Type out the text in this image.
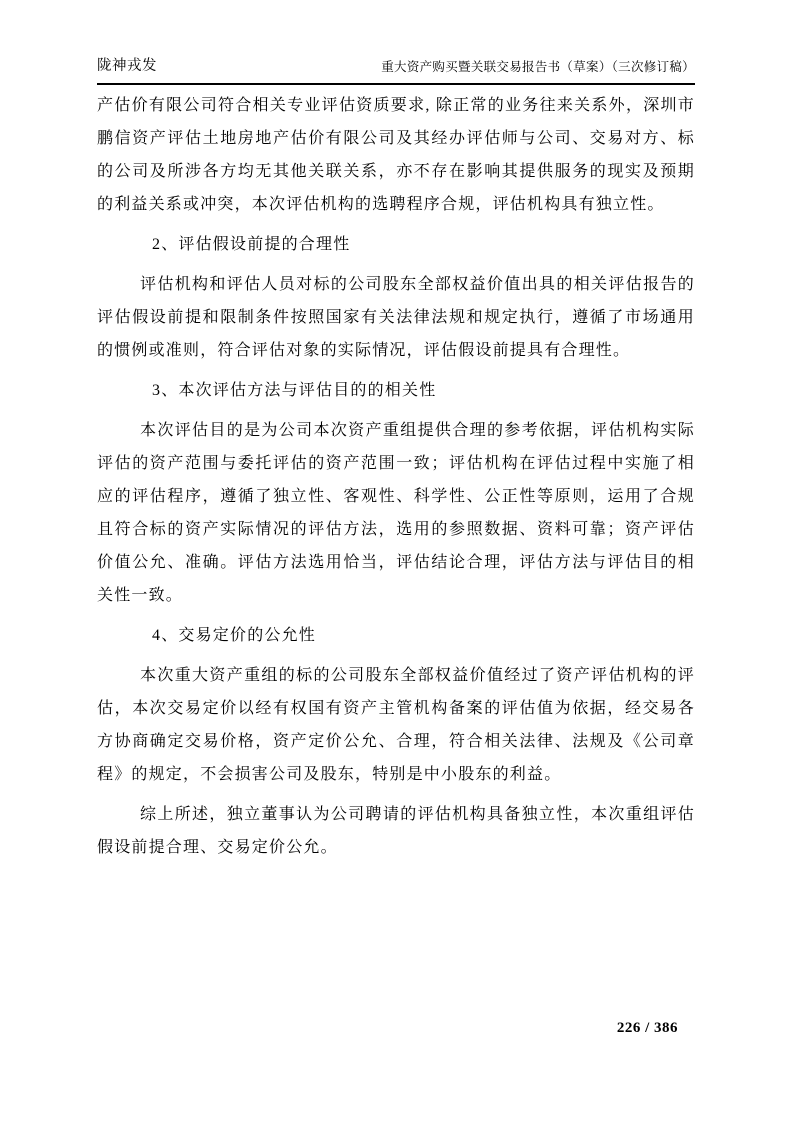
陇神戎发	重大资产购买暨关联交易报告书（草案）（三次修订稿）

产估价有限公司符合相关专业评估资质要求, 除正常的业务往来关系外，深圳市鹏信资产评估土地房地产估价有限公司及其经办评估师与公司、交易对方、标的公司及所涉各方均无其他关联关系，亦不存在影响其提供服务的现实及预期的利益关系或冲突，本次评估机构的选聘程序合规，评估机构具有独立性。

2、评估假设前提的合理性

评估机构和评估人员对标的公司股东全部权益价值出具的相关评估报告的评估假设前提和限制条件按照国家有关法律法规和规定执行，遵循了市场通用的惯例或准则，符合评估对象的实际情况，评估假设前提具有合理性。

3、本次评估方法与评估目的的相关性

本次评估目的是为公司本次资产重组提供合理的参考依据，评估机构实际评估的资产范围与委托评估的资产范围一致；评估机构在评估过程中实施了相应的评估程序，遵循了独立性、客观性、科学性、公正性等原则，运用了合规且符合标的资产实际情况的评估方法，选用的参照数据、资料可靠；资产评估价值公允、准确。评估方法选用恰当，评估结论合理，评估方法与评估目的相关性一致。

4、交易定价的公允性

本次重大资产重组的标的公司股东全部权益价值经过了资产评估机构的评估，本次交易定价以经有权国有资产主管机构备案的评估值为依据，经交易各方协商确定交易价格，资产定价公允、合理，符合相关法律、法规及《公司章程》的规定，不会损害公司及股东，特别是中小股东的利益。

综上所述，独立董事认为公司聘请的评估机构具备独立性，本次重组评估假设前提合理、交易定价公允。

226 / 386
